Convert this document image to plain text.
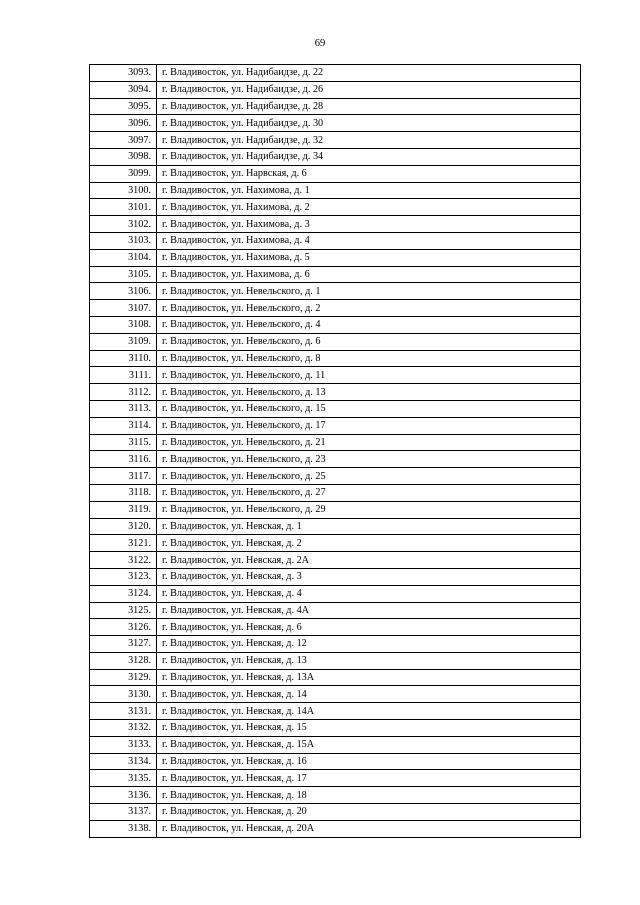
69
3093.	г. Владивосток, ул. Надибаидзе, д. 22
3094.	г. Владивосток, ул. Надибаидзе, д. 26
3095.	г. Владивосток, ул. Надибаидзе, д. 28
3096.	г. Владивосток, ул. Надибаидзе, д. 30
3097.	г. Владивосток, ул. Надибаидзе, д. 32
3098.	г. Владивосток, ул. Надибаидзе, д. 34
3099.	г. Владивосток, ул. Нарвская, д. 6
3100.	г. Владивосток, ул. Нахимова, д. 1
3101.	г. Владивосток, ул. Нахимова, д. 2
3102.	г. Владивосток, ул. Нахимова, д. 3
3103.	г. Владивосток, ул. Нахимова, д. 4
3104.	г. Владивосток, ул. Нахимова, д. 5
3105.	г. Владивосток, ул. Нахимова, д. 6
3106.	г. Владивосток, ул. Невельского, д. 1
3107.	г. Владивосток, ул. Невельского, д. 2
3108.	г. Владивосток, ул. Невельского, д. 4
3109.	г. Владивосток, ул. Невельского, д. 6
3110.	г. Владивосток, ул. Невельского, д. 8
3111.	г. Владивосток, ул. Невельского, д. 11
3112.	г. Владивосток, ул. Невельского, д. 13
3113.	г. Владивосток, ул. Невельского, д. 15
3114.	г. Владивосток, ул. Невельского, д. 17
3115.	г. Владивосток, ул. Невельского, д. 21
3116.	г. Владивосток, ул. Невельского, д. 23
3117.	г. Владивосток, ул. Невельского, д. 25
3118.	г. Владивосток, ул. Невельского, д. 27
3119.	г. Владивосток, ул. Невельского, д. 29
3120.	г. Владивосток, ул. Невская, д. 1
3121.	г. Владивосток, ул. Невская, д. 2
3122.	г. Владивосток, ул. Невская, д. 2А
3123.	г. Владивосток, ул. Невская, д. 3
3124.	г. Владивосток, ул. Невская, д. 4
3125.	г. Владивосток, ул. Невская, д. 4А
3126.	г. Владивосток, ул. Невская, д. 6
3127.	г. Владивосток, ул. Невская, д. 12
3128.	г. Владивосток, ул. Невская, д. 13
3129.	г. Владивосток, ул. Невская, д. 13А
3130.	г. Владивосток, ул. Невская, д. 14
3131.	г. Владивосток, ул. Невская, д. 14А
3132.	г. Владивосток, ул. Невская, д. 15
3133.	г. Владивосток, ул. Невская, д. 15А
3134.	г. Владивосток, ул. Невская, д. 16
3135.	г. Владивосток, ул. Невская, д. 17
3136.	г. Владивосток, ул. Невская, д. 18
3137.	г. Владивосток, ул. Невская, д. 20
3138.	г. Владивосток, ул. Невская, д. 20А
